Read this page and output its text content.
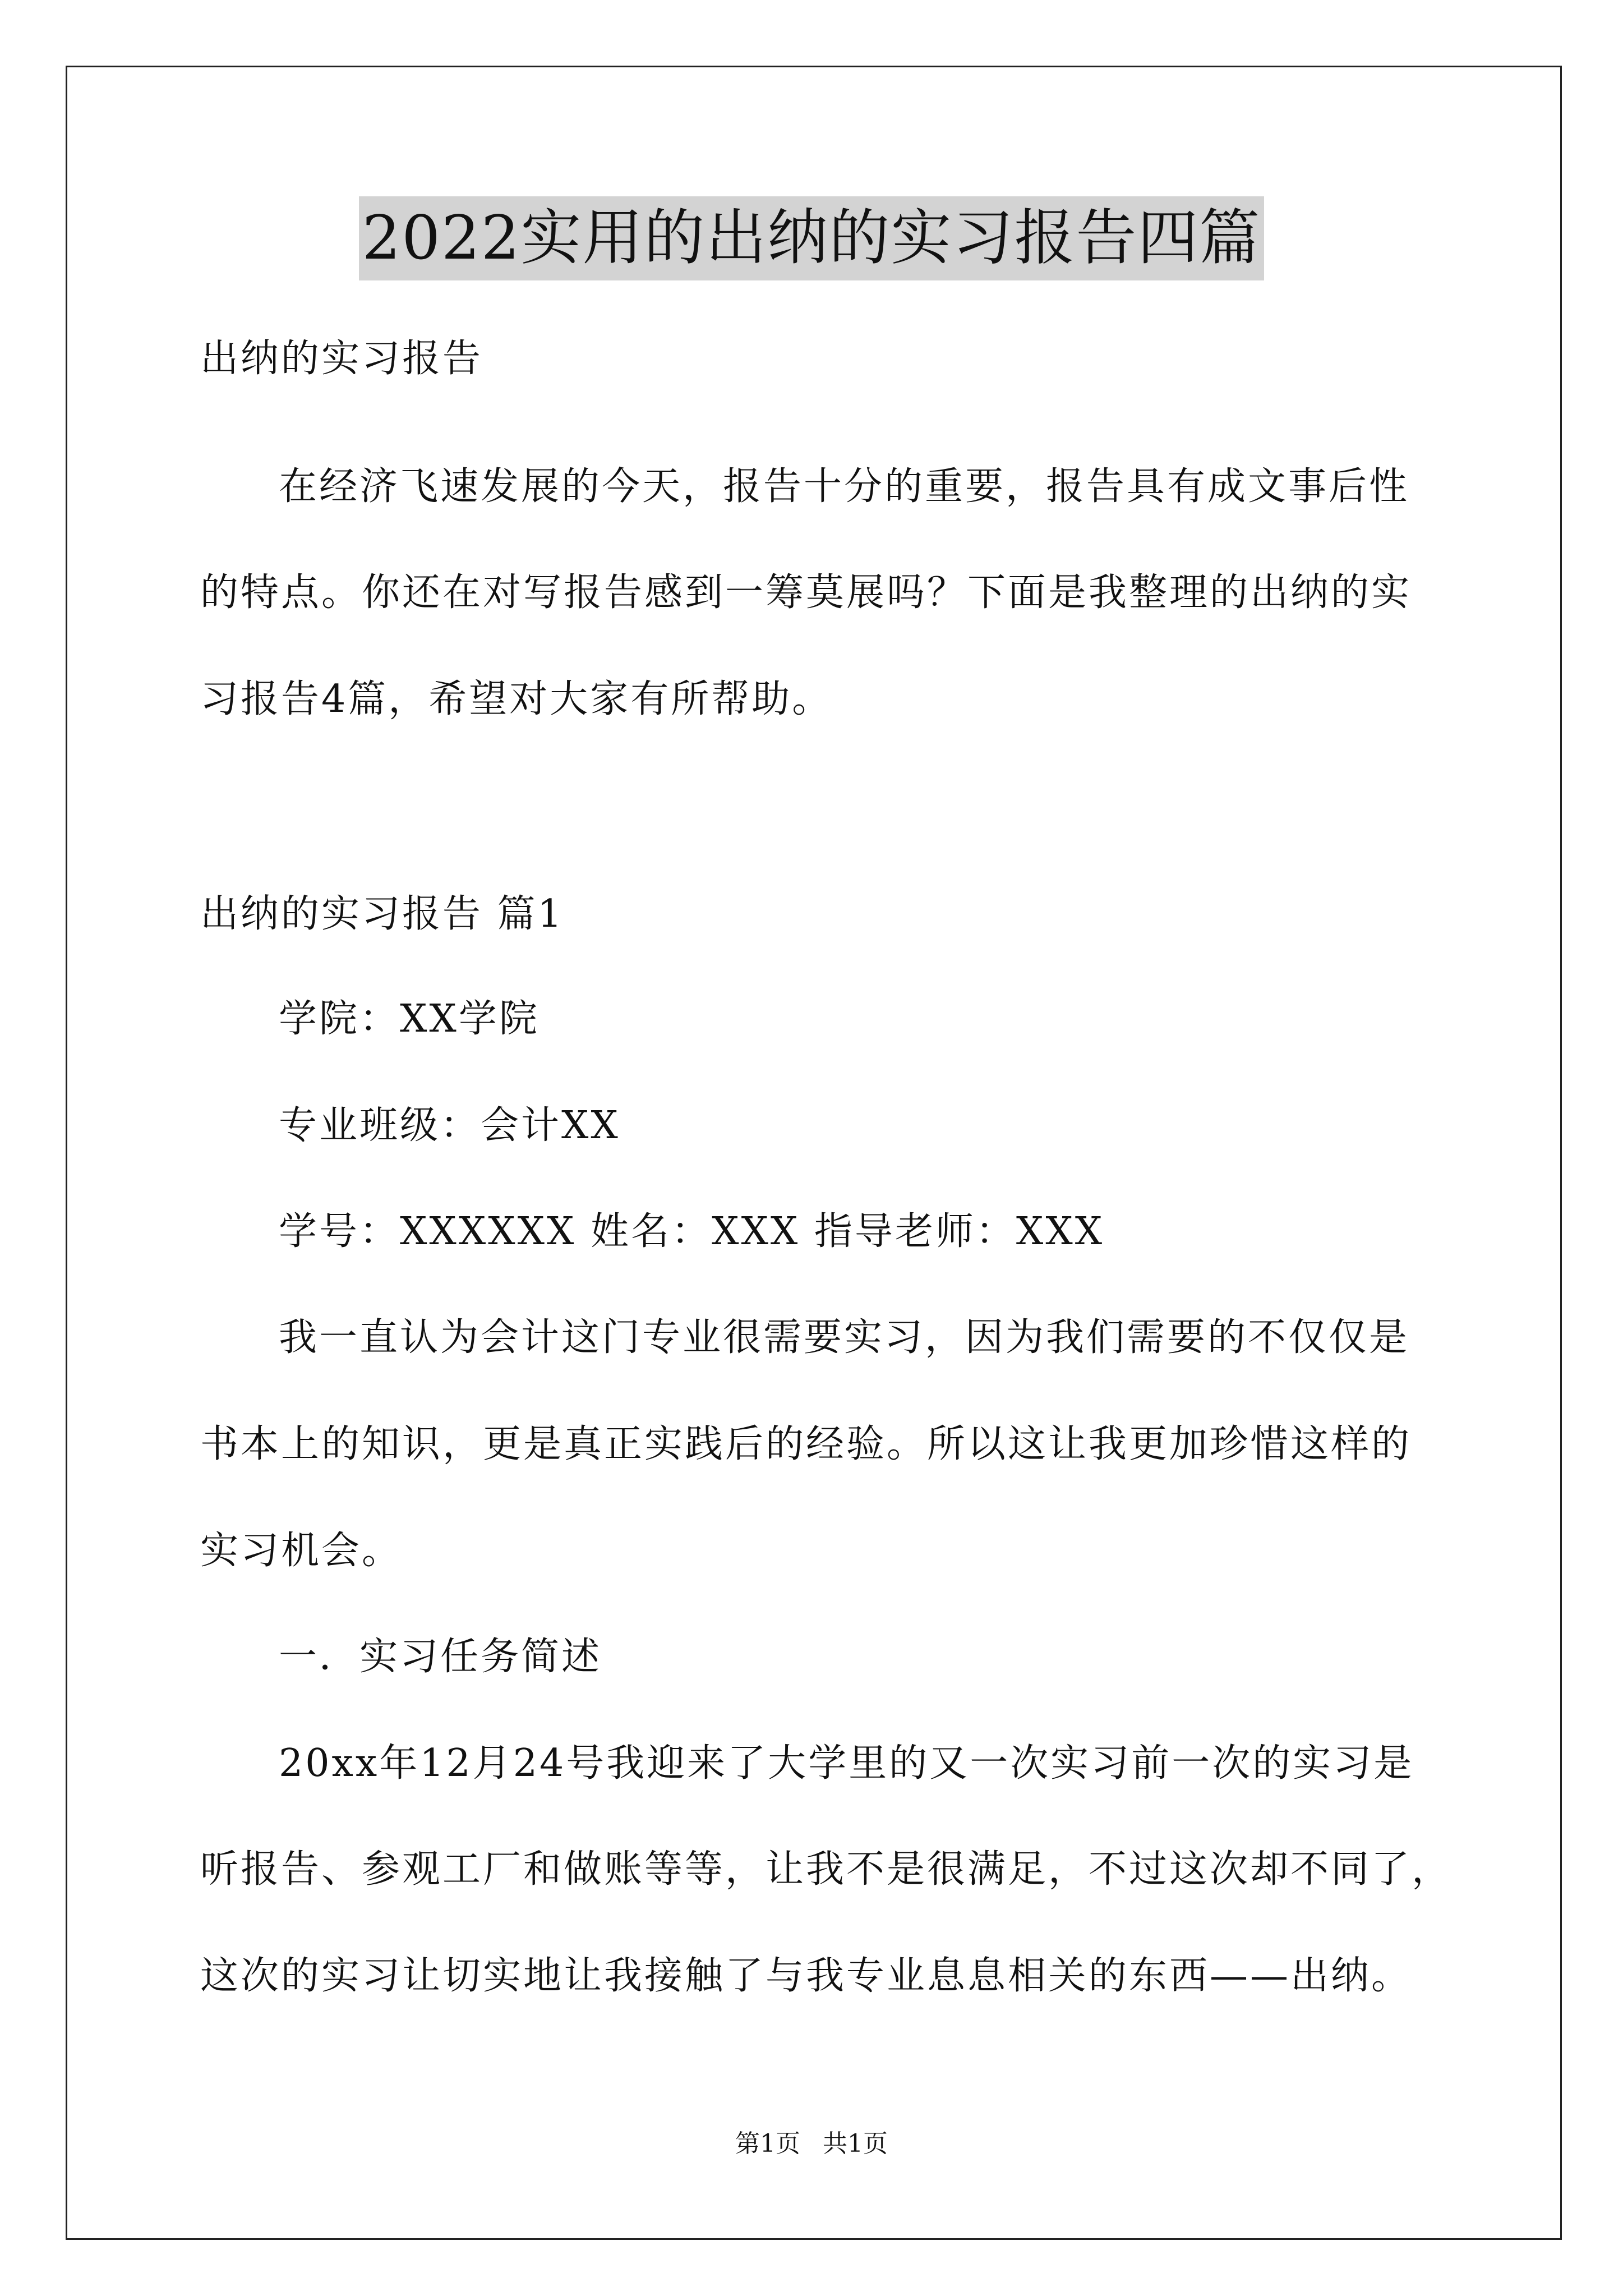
2022实用的出纳的实习报告四篇
出纳的实习报告
在经济飞速发展的今天，报告十分的重要，报告具有成文事后性
的特点。你还在对写报告感到一筹莫展吗？下面是我整理的出纳的实
习报告4篇，希望对大家有所帮助。
出纳的实习报告 篇1
学院：XX学院
专业班级：会计XX
学号：XXXXXX 姓名：XXX 指导老师：XXX
我一直认为会计这门专业很需要实习，因为我们需要的不仅仅是
书本上的知识，更是真正实践后的经验。所以这让我更加珍惜这样的
实习机会。
一．实习任务简述
20xx年12月24号我迎来了大学里的又一次实习前一次的实习是
听报告、参观工厂和做账等等，让我不是很满足，不过这次却不同了，
这次的实习让切实地让我接触了与我专业息息相关的东西——出纳。
第1页 共1页
